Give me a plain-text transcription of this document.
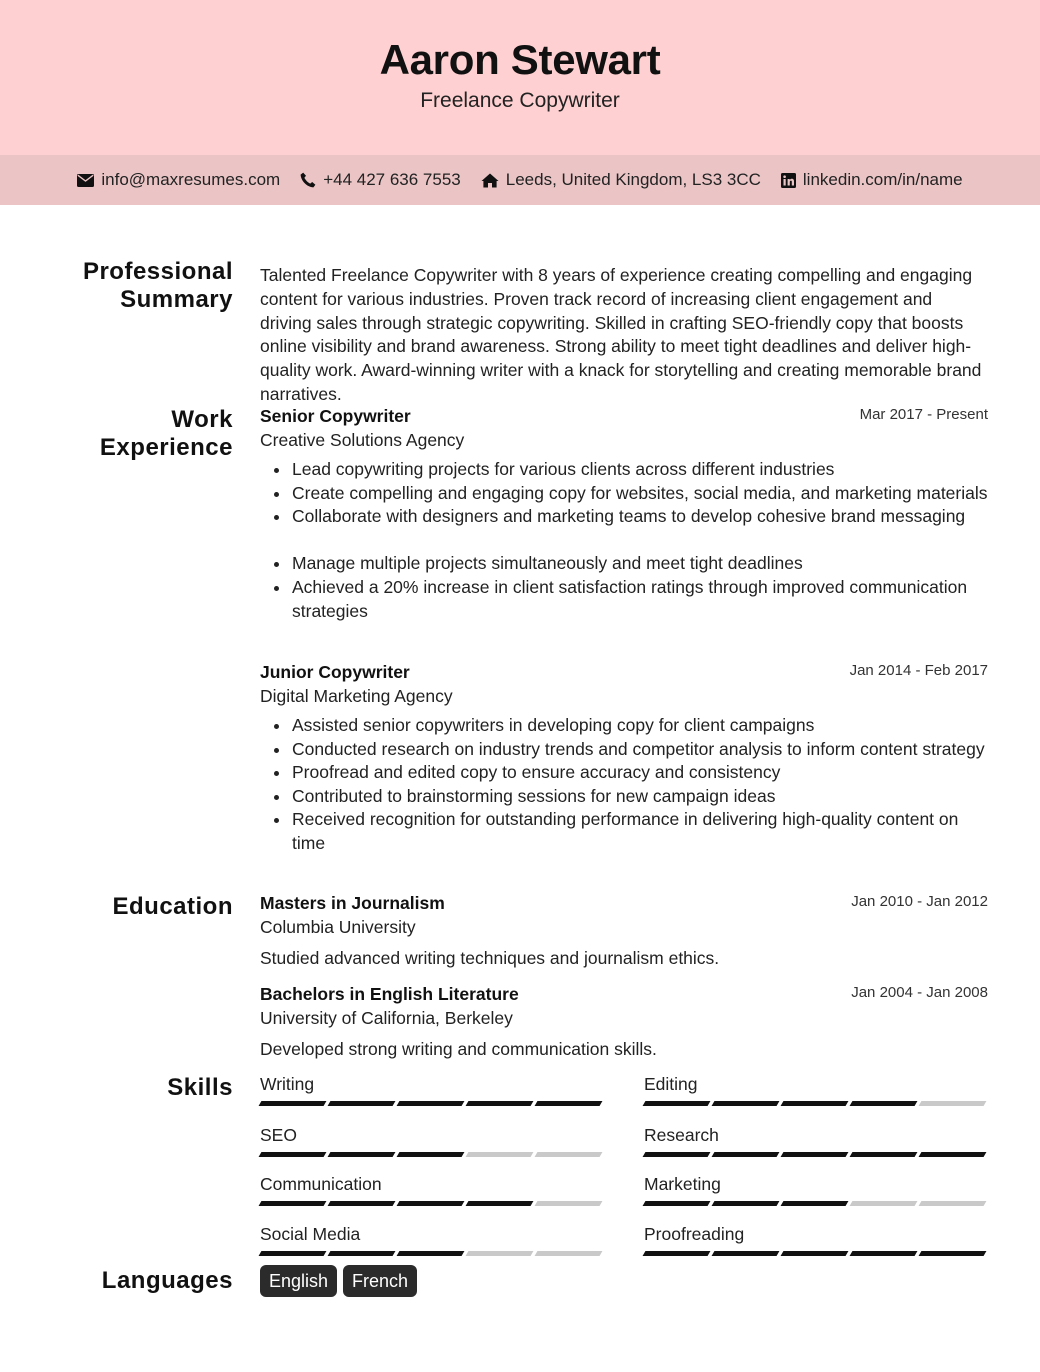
Aaron Stewart
Freelance Copywriter
info@maxresumes.com	+44 427 636 7553	Leeds, United Kingdom, LS3 3CC linkedin.com/in/name
Professional
Summary
Talented Freelance Copywriter with 8 years of experience creating compelling and engaging content for various industries. Proven track record of increasing client engagement and driving sales through strategic copywriting. Skilled in crafting SEO-friendly copy that boosts online visibility and brand awareness. Strong ability to meet tight deadlines and deliver high-quality work. Award-winning writer with a knack for storytelling and creating memorable brand narratives.
Work
Experience
Senior Copywriter	Mar 2017 - Present
Creative Solutions Agency
Lead copywriting projects for various clients across different industries
Create compelling and engaging copy for websites, social media, and marketing materials
Collaborate with designers and marketing teams to develop cohesive brand messaging
Manage multiple projects simultaneously and meet tight deadlines
Achieved a 20% increase in client satisfaction ratings through improved communication strategies
Junior Copywriter	Jan 2014 - Feb 2017
Digital Marketing Agency
Assisted senior copywriters in developing copy for client campaigns
Conducted research on industry trends and competitor analysis to inform content strategy
Proofread and edited copy to ensure accuracy and consistency
Contributed to brainstorming sessions for new campaign ideas
Received recognition for outstanding performance in delivering high-quality content on time
Education Masters in Journalism	Jan 2010 - Jan 2012
Columbia University
Studied advanced writing techniques and journalism ethics.
Bachelors in English Literature	Jan 2004 - Jan 2008
University of California, Berkeley
Developed strong writing and communication skills.
Skills Writing	Editing
SEO	Research
Communication	Marketing
Social Media	Proofreading
Languages	English	French
